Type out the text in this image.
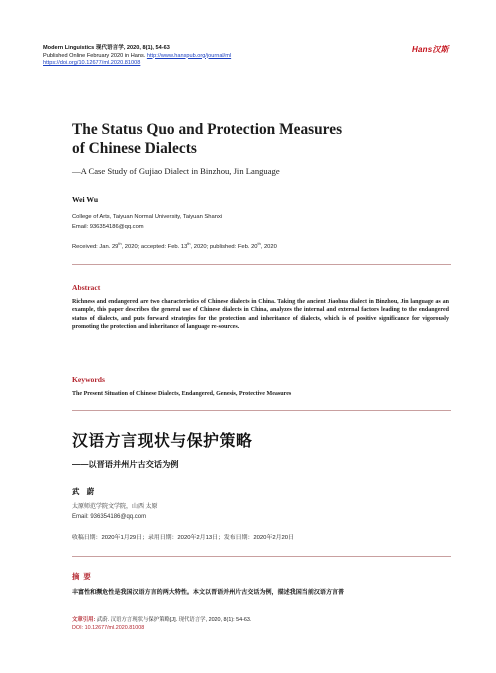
Modern Linguistics 现代语言学, 2020, 8(1), 54-63
Published Online February 2020 in Hans. http://www.hanspub.org/journal/ml
https://doi.org/10.12677/ml.2020.81008
Hans汉斯
The Status Quo and Protection Measures
of Chinese Dialects
—A Case Study of Gujiao Dialect in Binzhou, Jin Language
Wei Wu
College of Arts, Taiyuan Normal University, Taiyuan Shanxi
Email: 936354186@qq.com
Received: Jan. 29th, 2020; accepted: Feb. 13th, 2020; published: Feb. 20th, 2020
Abstract
Richness and endangered are two characteristics of Chinese dialects in China. Taking the ancient Jiaohua dialect in Binzhou, Jin language as an example, this paper describes the general use of Chinese dialects in China, analyzes the internal and external factors leading to the endangered status of dialects, and puts forward strategies for the protection and inheritance of dialects, which is of positive significance for vigorously promoting the protection and inheritance of language re-sources.
Keywords
The Present Situation of Chinese Dialects, Endangered, Genesis, Protective Measures
汉语方言现状与保护策略
——以晋语并州片古交话为例
武　蔚
太原师范学院文学院，山西 太原
Email: 936354186@qq.com
收稿日期：2020年1月29日；录用日期：2020年2月13日；发布日期：2020年2月20日
摘要
丰富性和濒危性是我国汉语方言的两大特性。本文以晋语并州片古交话为例，描述我国当前汉语方言普
文章引用: 武蔚. 汉语方言现状与保护策略[J]. 现代语言学, 2020, 8(1): 54-63.
DOI: 10.12677/ml.2020.81008
